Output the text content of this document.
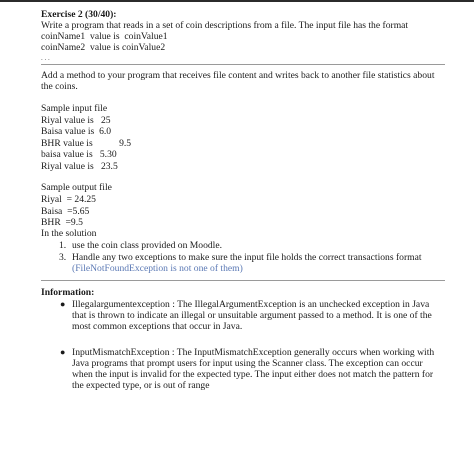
Exercise 2 (30/40):
Write a program that reads in a set of coin descriptions from a file. The input file has the format
coinName1  value is  coinValue1
coinName2  value is coinValue2
. . .
Add a method to your program that receives file content and writes back to another file statistics about
the coins.
Sample input file
Riyal value is   25
Baisa value is  6.0
BHR value is           9.5
baisa value is   5.30
Riyal value is   23.5
Sample output file
Riyal  = 24.25
Baisa  =5.65
BHR  =9.5
In the solution
1. use the coin class provided on Moodle.
3. Handle any two exceptions to make sure the input file holds the correct transactions format
(FileNotFoundException is not one of them)
Information:
● Illegalargumentexception : The IllegalArgumentException is an unchecked exception in Java
that is thrown to indicate an illegal or unsuitable argument passed to a method. It is one of the
most common exceptions that occur in Java.
● InputMismatchException : The InputMismatchException generally occurs when working with
Java programs that prompt users for input using the Scanner class. The exception can occur
when the input is invalid for the expected type. The input either does not match the pattern for
the expected type, or is out of range
